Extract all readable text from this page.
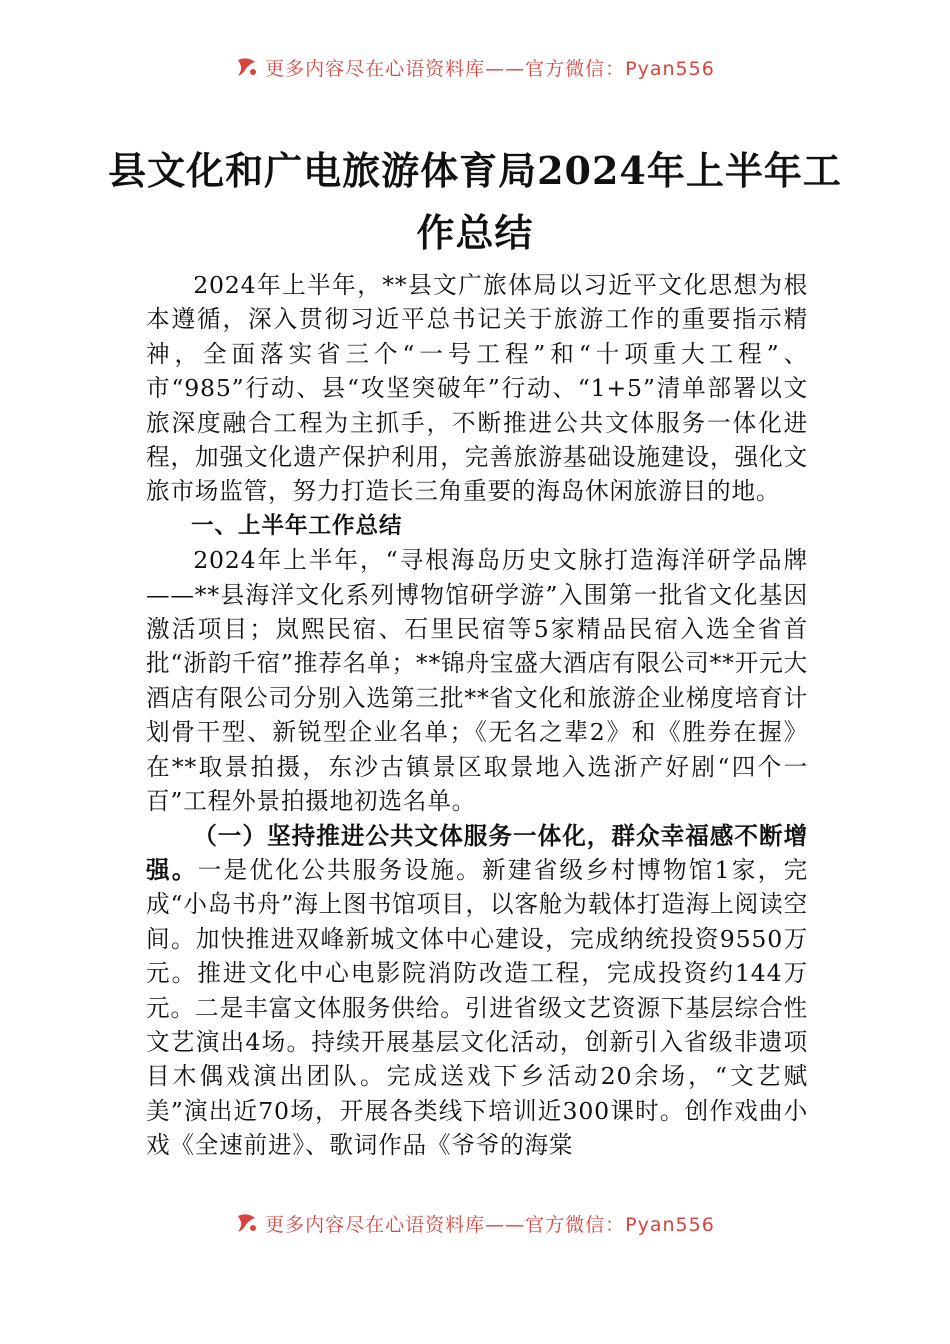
更多内容尽在心语资料库——官方微信：Pyan556
县文化和广电旅游体育局2024年上半年工
作总结

2024年上半年，**县文广旅体局以习近平文化思想为根本遵循，深入贯彻习近平总书记关于旅游工作的重要指示精神，全面落实省三个“一号工程”和“十项重大工程”、市“985”行动、县“攻坚突破年”行动、“1+5”清单部署以文旅深度融合工程为主抓手，不断推进公共文体服务一体化进程，加强文化遗产保护利用，完善旅游基础设施建设，强化文旅市场监管，努力打造长三角重要的海岛休闲旅游目的地。

一、上半年工作总结

2024年上半年，“寻根海岛历史文脉打造海洋研学品牌——**县海洋文化系列博物馆研学游”入围第一批省文化基因激活项目；岚熙民宿、石里民宿等5家精品民宿入选全省首批“浙韵千宿”推荐名单；**锦舟宝盛大酒店有限公司**开元大酒店有限公司分别入选第三批**省文化和旅游企业梯度培育计划骨干型、新锐型企业名单；《无名之辈2》和《胜券在握》在**取景拍摄，东沙古镇景区取景地入选浙产好剧“四个一百”工程外景拍摄地初选名单。

（一）坚持推进公共文体服务一体化，群众幸福感不断增强。一是优化公共服务设施。新建省级乡村博物馆1家，完成“小岛书舟”海上图书馆项目，以客舱为载体打造海上阅读空间。加快推进双峰新城文体中心建设，完成纳统投资9550万元。推进文化中心电影院消防改造工程，完成投资约144万元。二是丰富文体服务供给。引进省级文艺资源下基层综合性文艺演出4场。持续开展基层文化活动，创新引入省级非遗项目木偶戏演出团队。完成送戏下乡活动20余场，“文艺赋美”演出近70场，开展各类线下培训近300课时。创作戏曲小戏《全速前进》、歌词作品《爷爷的海棠

更多内容尽在心语资料库——官方微信：Pyan556
